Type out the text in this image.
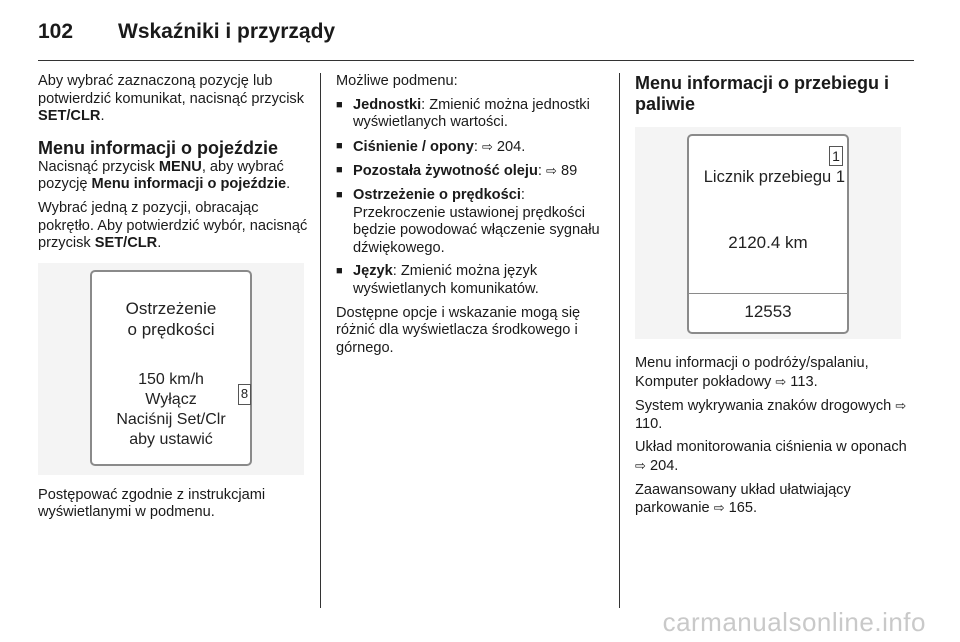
102 Wskaźniki i przyrządy

Aby wybrać zaznaczoną pozycję lub potwierdzić komunikat, nacisnąć przycisk SET/CLR.

Menu informacji o pojeździe

Nacisnąć przycisk MENU, aby wybrać pozycję Menu informacji o pojeździe.

Wybrać jedną z pozycji, obracając pokrętło. Aby potwierdzić wybór, nacisnąć przycisk SET/CLR.

Ostrzeżenie
o prędkości
150 km/h
Wyłącz
Naciśnij Set/Clr
aby ustawić
8

Postępować zgodnie z instrukcjami wyświetlanymi w podmenu.

Możliwe podmenu:

■ Jednostki: Zmienić można jednostki wyświetlanych wartości.
■ Ciśnienie / opony: ⇨ 204.
■ Pozostała żywotność oleju: ⇨ 89
■ Ostrzeżenie o prędkości: Przekroczenie ustawionej prędkości będzie powodować włączenie sygnału dźwiękowego.
■ Język: Zmienić można język wyświetlanych komunikatów.

Dostępne opcje i wskazanie mogą się różnić dla wyświetlacza środkowego i górnego.

Menu informacji o przebiegu i paliwie
1
Licznik przebiegu 1
2120.4 km
12553

Menu informacji o podróży/spalaniu, Komputer pokładowy ⇨ 113.

System wykrywania znaków drogowych ⇨ 110.

Układ monitorowania ciśnienia w oponach ⇨ 204.

Zaawansowany układ ułatwiający parkowanie ⇨ 165.

carmanualsonline.info
